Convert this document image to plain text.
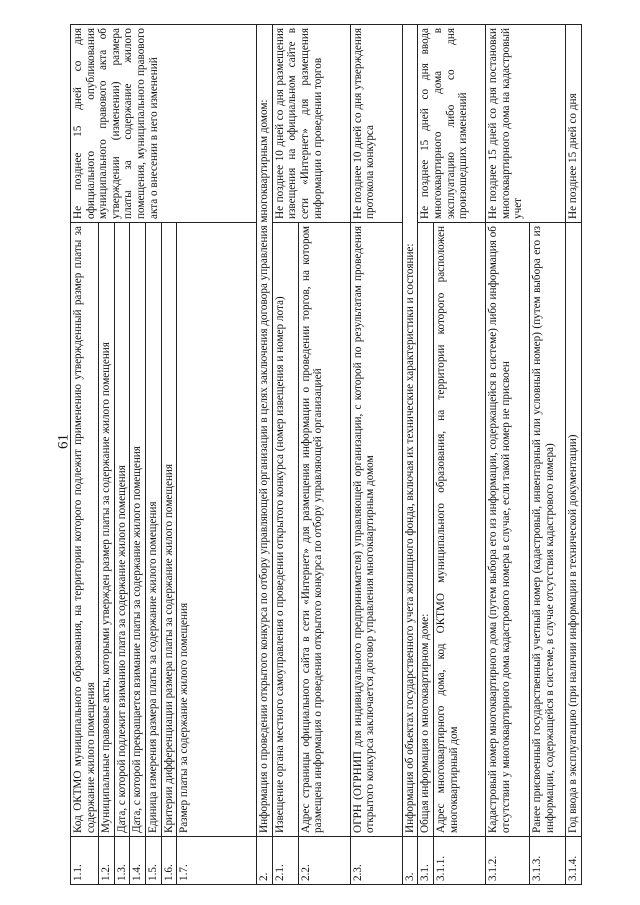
61
1.1.	Код ОКТМО муниципального образования, на территории которого подлежит применению утвержденный размер платы за содержание жилого помещения	Не позднее 15 дней со дня официального опубликования муниципального правового акта об утверждении (изменении) размера платы за содержание жилого помещения, муниципального правового акта о внесении в него изменений
1.2.	Муниципальные правовые акты, которыми утвержден размер платы за содержание жилого помещения	
1.3.	Дата, с которой подлежит взиманию плата за содержание жилого помещения	
1.4.	Дата, с которой прекращается взимание платы за содержание жилого помещения	
1.5.	Единица измерения размера платы за содержание жилого помещения	
1.6.	Критерии дифференциации размера платы за содержание жилого помещения	
1.7.	Размер платы за содержание жилого помещения	
2.	Информация о проведении открытого конкурса по отбору управляющей организации в целях заключения договора управления многоквартирным домом:	
2.1.	Извещение органа местного самоуправления о проведении открытого конкурса (номер извещения и номер лота)	Не позднее 10 дней со дня размещения извещения на официальном сайте в сети «Интернет» для размещения информации о проведении торгов
2.2.	Адрес страницы официального сайта в сети «Интернет» для размещения информации о проведении торгов, на котором размещена информация о проведении открытого конкурса по отбору управляющей организацией	
2.3.	ОГРН (ОГРНИП для индивидуального предпринимателя) управляющей организации, с которой по результатам проведения открытого конкурса заключается договор управления многоквартирным домом	Не позднее 10 дней со дня утверждения протокола конкурса
3.	Информация об объектах государственного учета жилищного фонда, включая их технические характеристики и состояние:	
3.1.	Общая информация о многоквартирном доме:	Не позднее 15 дней со дня ввода многоквартирного дома в эксплуатацию либо со дня произошедших изменений
3.1.1.	Адрес многоквартирного дома, код ОКТМО муниципального образования, на территории которого расположен многоквартирный дом	
3.1.2.	Кадастровый номер многоквартирного дома (путем выбора его из информации, содержащейся в системе) либо информация об отсутствии у многоквартирного дома кадастрового номера в случае, если такой номер не присвоен	Не позднее 15 дней со дня постановки многоквартирного дома на кадастровый учет
3.1.3.	Ранее присвоенный государственный учетный номер (кадастровый, инвентарный или условный номер) (путем выбора его из информации, содержащейся в системе, в случае отсутствия кадастрового номера)	
3.1.4.	Год ввода в эксплуатацию (при наличии информации в технической документации)	Не позднее 15 дней со дня
